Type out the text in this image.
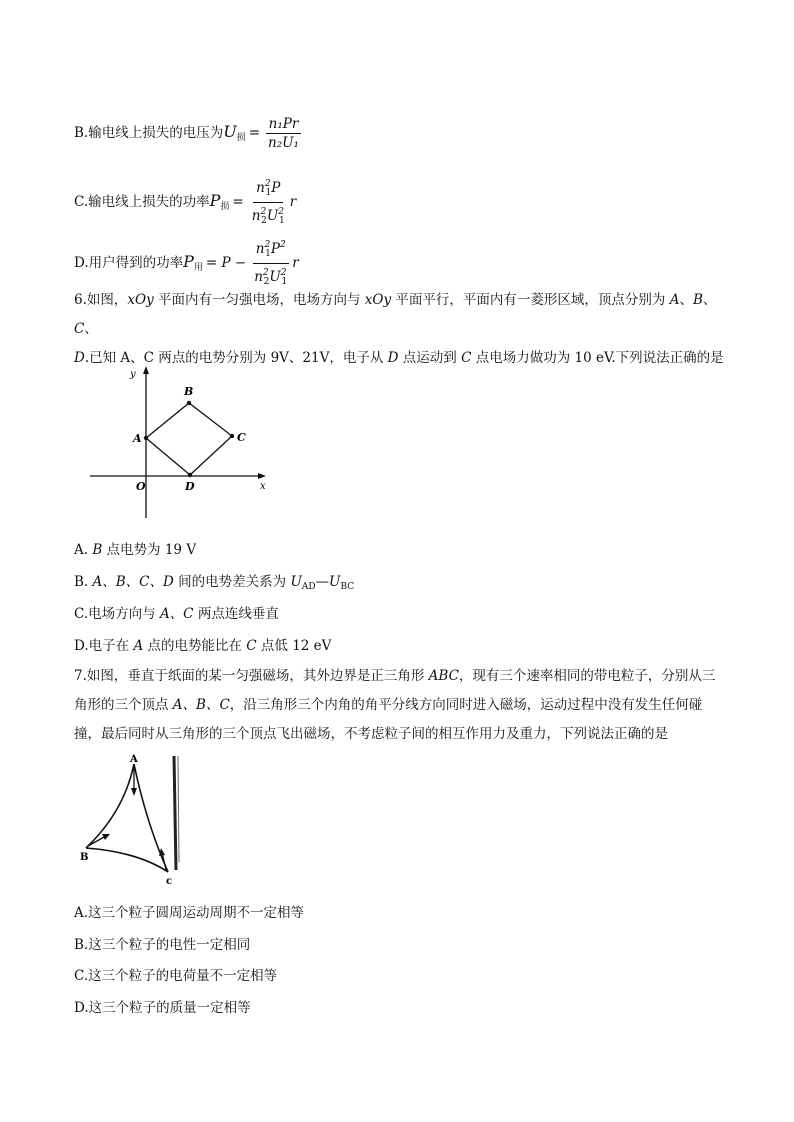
B.输电线上损失的电压为$U_损 = \frac{\text{n₁Pr}}{\text{n₂U₁}}$
C.输电线上损失的功率$P_损 = \frac{n^2_1P}{n^2_2U^2_1}$ r
D.用户得到的功率$P_用 = P - \frac{n^2_1P^2}{n^2_2U^2_1}$ r
6.如图，xOy 平面内有一匀强电场，电场方向与 xOy 平面平行，平面内有一菱形区域，顶点分别为 A、B、C、
D.已知 A、C 两点的电势分别为 9V、21V，电子从 D 点运动到 C 点电场力做功为 10 eV.下列说法正确的是
y
x
O
A
B
C
D
A. B 点电势为 19 V
B. A、B、C、D 间的电势差关系为 $U_{AD}—U_{BC}$
C.电场方向与 A、C 两点连线垂直
D.电子在 A 点的电势能比在 C 点低 12 eV
7.如图，垂直于纸面的某一匀强磁场，其外边界是正三角形 ABC，现有三个速率相同的带电粒子，分别从三
角形的三个顶点 A、B、C，沿三角形三个内角的角平分线方向同时进入磁场，运动过程中没有发生任何碰
撞，最后同时从三角形的三个顶点飞出磁场，不考虑粒子间的相互作用力及重力，下列说法正确的是
A
B
c
A.这三个粒子圆周运动周期不一定相等
B.这三个粒子的电性一定相同
C.这三个粒子的电荷量不一定相等
D.这三个粒子的质量一定相等
